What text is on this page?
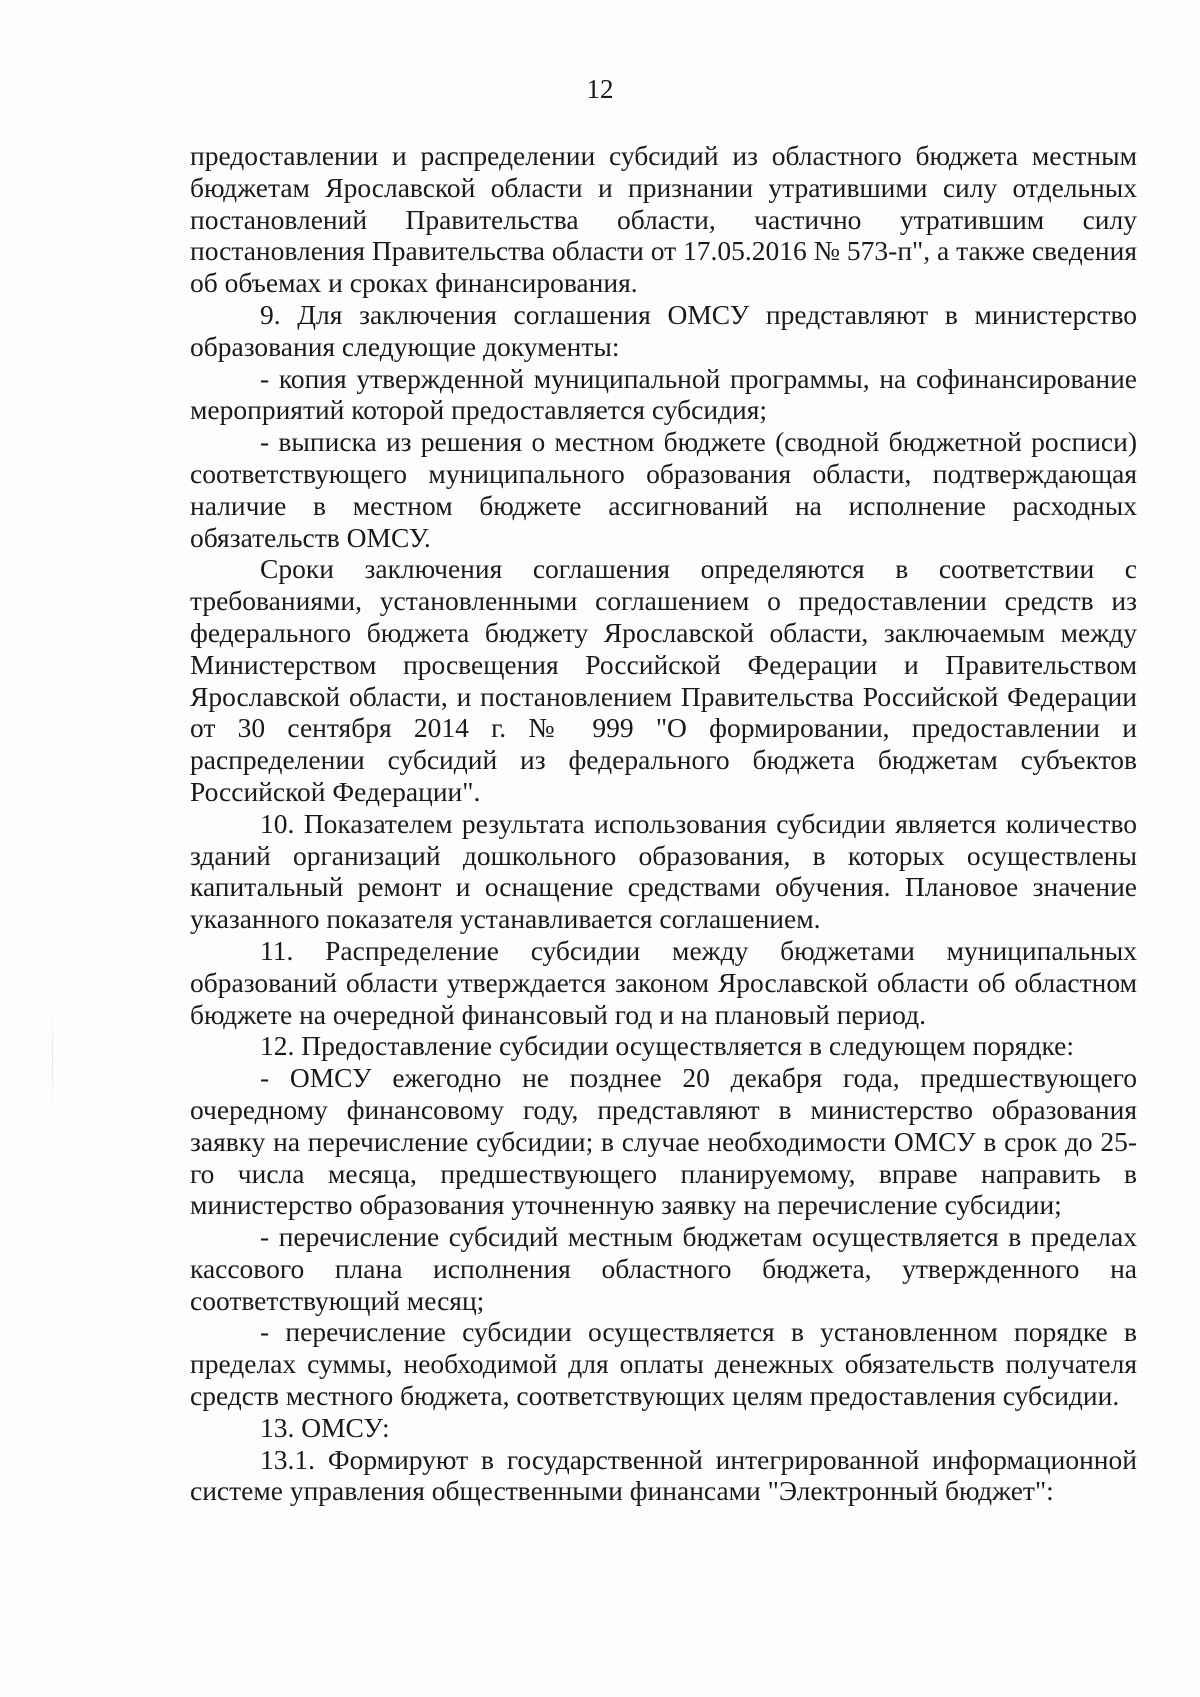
12

предоставлении и распределении субсидий из областного бюджета местным бюджетам Ярославской области и признании утратившими силу отдельных постановлений Правительства области, частично утратившим силу постановления Правительства области от 17.05.2016 № 573-п", а также сведения об объемах и сроках финансирования.

9. Для заключения соглашения ОМСУ представляют в министерство образования следующие документы:

- копия утвержденной муниципальной программы, на софинансирование мероприятий которой предоставляется субсидия;

- выписка из решения о местном бюджете (сводной бюджетной росписи) соответствующего муниципального образования области, подтверждающая наличие в местном бюджете ассигнований на исполнение расходных обязательств ОМСУ.

Сроки заключения соглашения определяются в соответствии с требованиями, установленными соглашением о предоставлении средств из федерального бюджета бюджету Ярославской области, заключаемым между Министерством просвещения Российской Федерации и Правительством Ярославской области, и постановлением Правительства Российской Федерации от 30 сентября 2014 г. № 999 "О формировании, предоставлении и распределении субсидий из федерального бюджета бюджетам субъектов Российской Федерации".

10. Показателем результата использования субсидии является количество зданий организаций дошкольного образования, в которых осуществлены капитальный ремонт и оснащение средствами обучения. Плановое значение указанного показателя устанавливается соглашением.

11. Распределение субсидии между бюджетами муниципальных образований области утверждается законом Ярославской области об областном бюджете на очередной финансовый год и на плановый период.

12. Предоставление субсидии осуществляется в следующем порядке:

- ОМСУ ежегодно не позднее 20 декабря года, предшествующего очередному финансовому году, представляют в министерство образования заявку на перечисление субсидии; в случае необходимости ОМСУ в срок до 25-го числа месяца, предшествующего планируемому, вправе направить в министерство образования уточненную заявку на перечисление субсидии;

- перечисление субсидий местным бюджетам осуществляется в пределах кассового плана исполнения областного бюджета, утвержденного на соответствующий месяц;

- перечисление субсидии осуществляется в установленном порядке в пределах суммы, необходимой для оплаты денежных обязательств получателя средств местного бюджета, соответствующих целям предоставления субсидии.

13. ОМСУ:

13.1. Формируют в государственной интегрированной информационной системе управления общественными финансами "Электронный бюджет":
